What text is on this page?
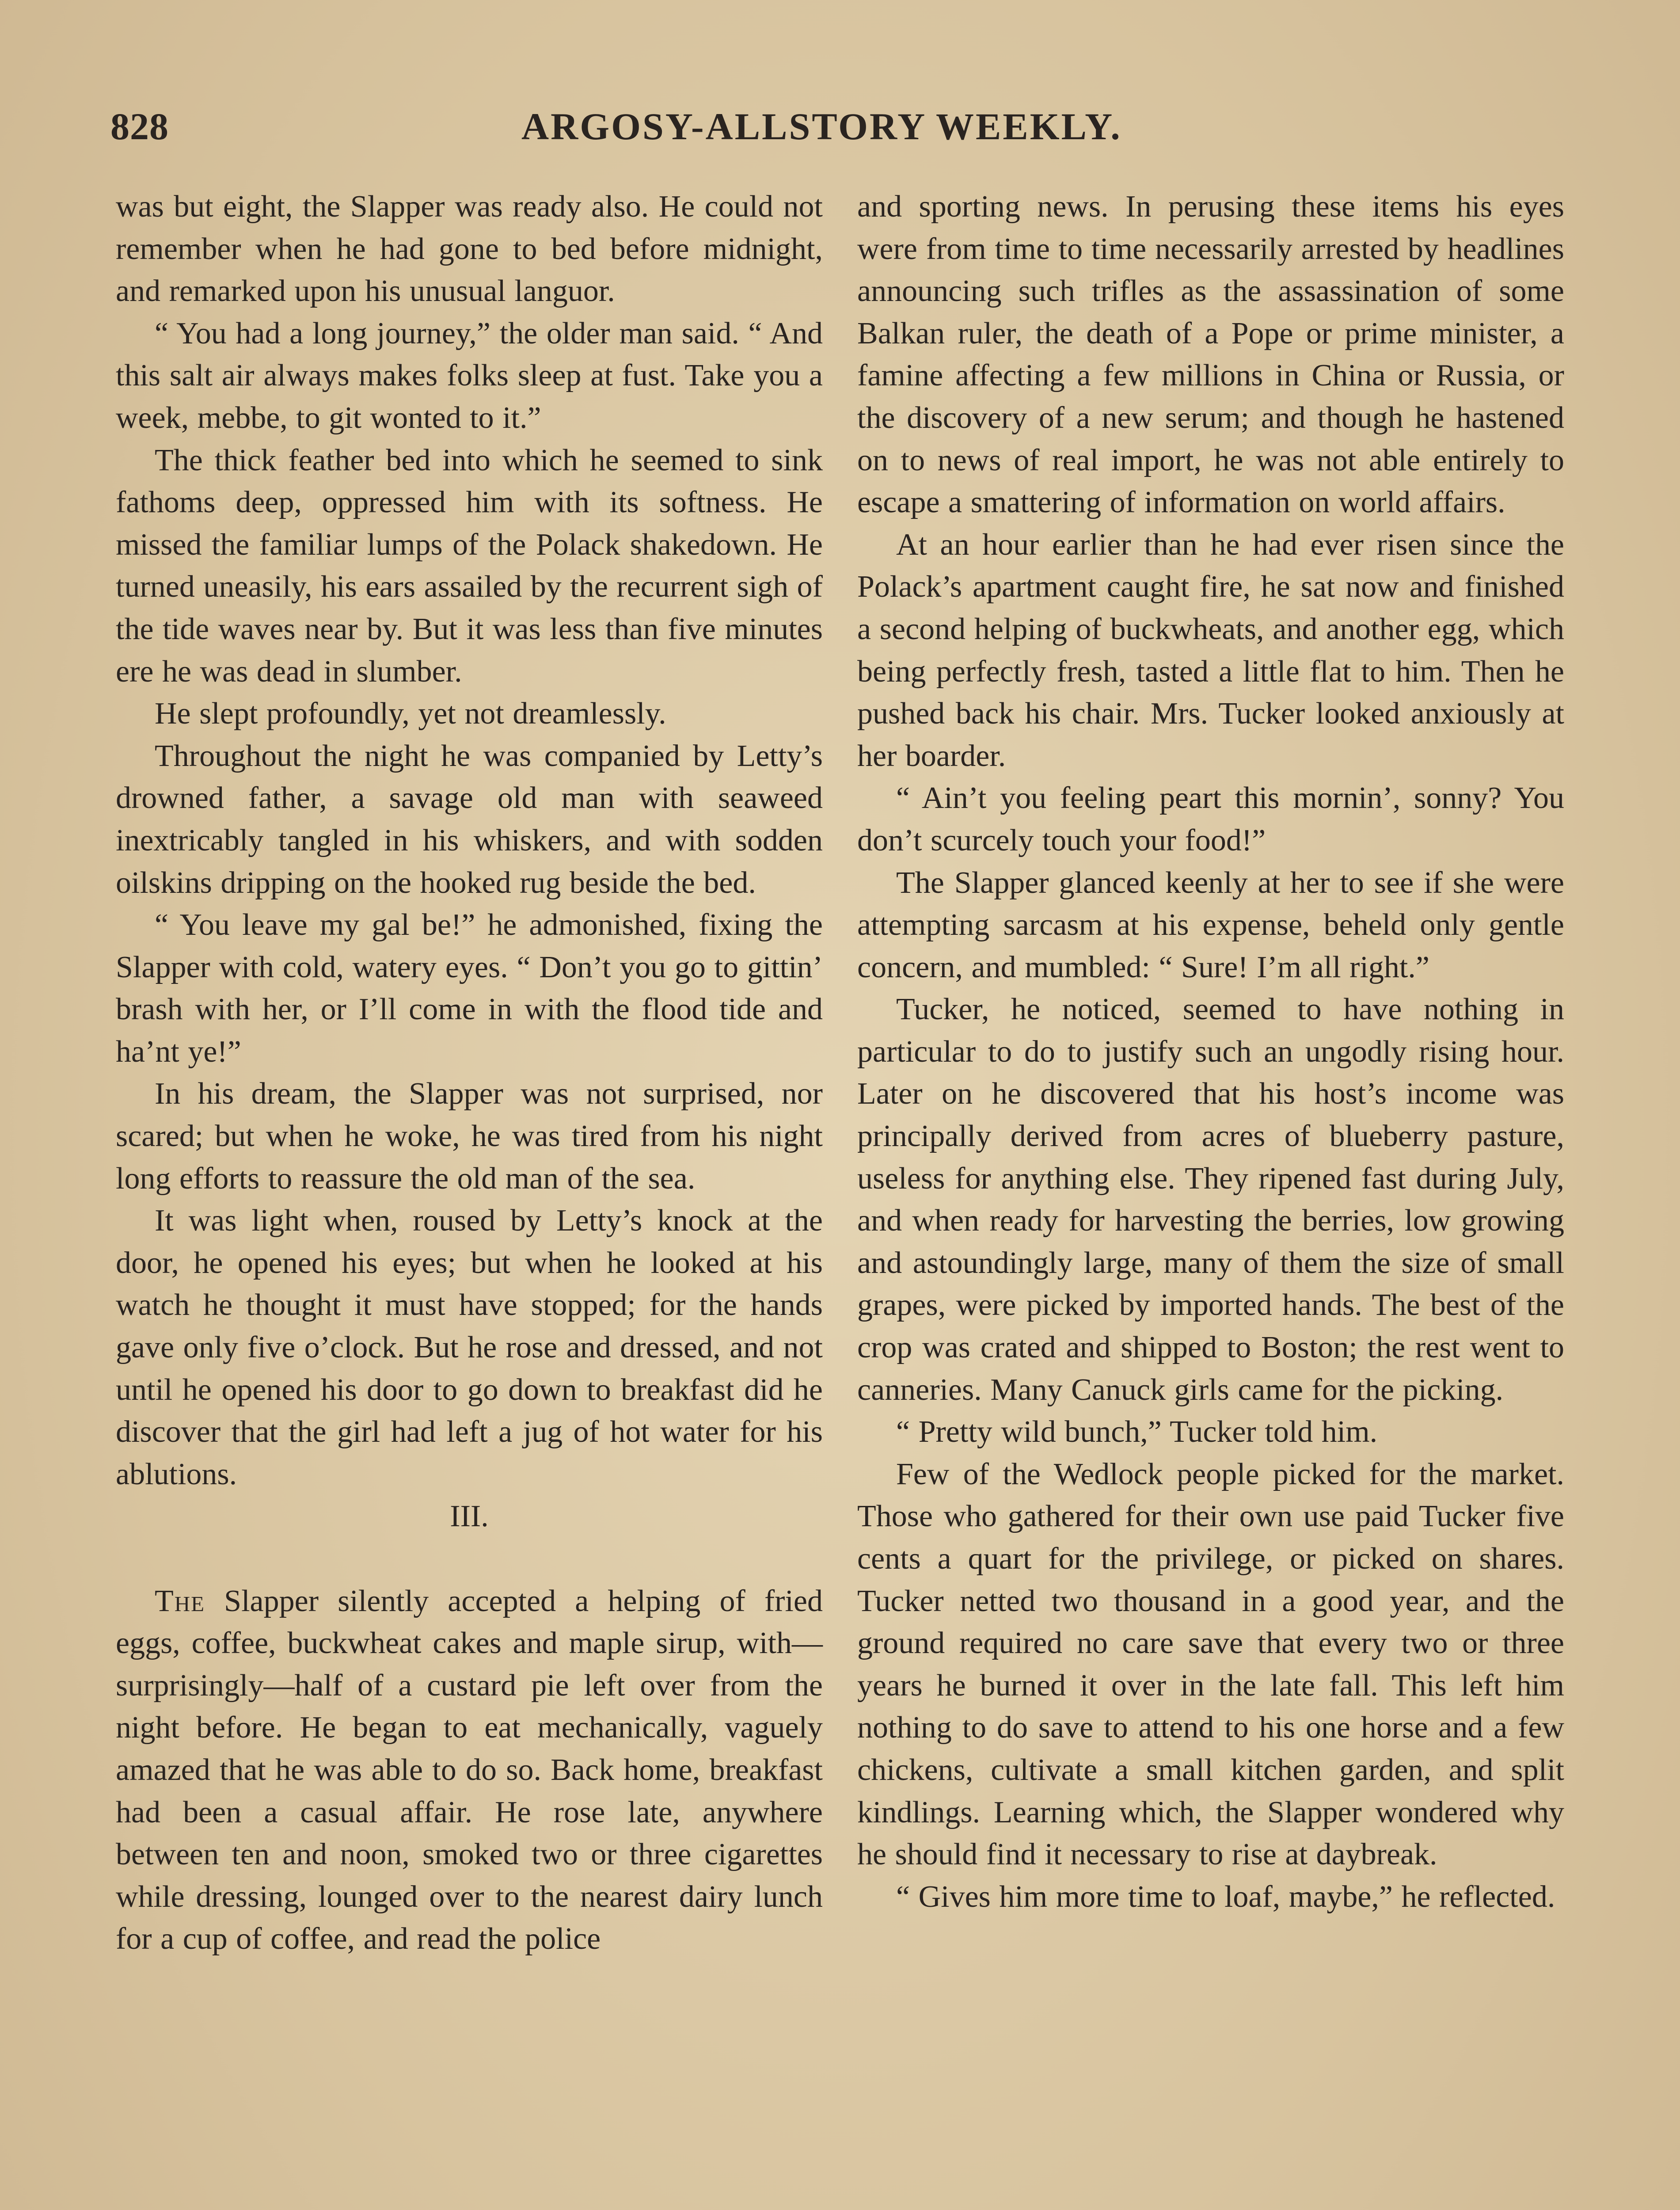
828	ARGOSY-ALLSTORY WEEKLY.

was but eight, the Slapper was ready also. He could not remember when he had gone to bed before midnight, and remarked upon his unusual languor.

“ You had a long journey,” the older man said. “ And this salt air always makes folks sleep at fust. Take you a week, mebbe, to git wonted to it.”

The thick feather bed into which he seemed to sink fathoms deep, oppressed him with its softness. He missed the familiar lumps of the Polack shakedown. He turned uneasily, his ears assailed by the recurrent sigh of the tide waves near by. But it was less than five minutes ere he was dead in slumber.

He slept profoundly, yet not dreamlessly.

Throughout the night he was companied by Letty’s drowned father, a savage old man with seaweed inextricably tangled in his whiskers, and with sodden oilskins dripping on the hooked rug beside the bed.

“ You leave my gal be!” he admonished, fixing the Slapper with cold, watery eyes. “ Don’t you go to gittin’ brash with her, or I’ll come in with the flood tide and ha’nt ye!”

In his dream, the Slapper was not surprised, nor scared; but when he woke, he was tired from his night long efforts to reassure the old man of the sea.

It was light when, roused by Letty’s knock at the door, he opened his eyes; but when he looked at his watch he thought it must have stopped; for the hands gave only five o’clock. But he rose and dressed, and not until he opened his door to go down to breakfast did he discover that the girl had left a jug of hot water for his ablutions.

III.

The Slapper silently accepted a helping of fried eggs, coffee, buckwheat cakes and maple sirup, with—surprisingly—half of a custard pie left over from the night before. He began to eat mechanically, vaguely amazed that he was able to do so. Back home, breakfast had been a casual affair. He rose late, anywhere between ten and noon, smoked two or three cigarettes while dressing, lounged over to the nearest dairy lunch for a cup of coffee, and read the police

and sporting news. In perusing these items his eyes were from time to time necessarily arrested by headlines announcing such trifles as the assassination of some Balkan ruler, the death of a Pope or prime minister, a famine affecting a few millions in China or Russia, or the discovery of a new serum; and though he hastened on to news of real import, he was not able entirely to escape a smattering of information on world affairs.

At an hour earlier than he had ever risen since the Polack’s apartment caught fire, he sat now and finished a second helping of buckwheats, and another egg, which being perfectly fresh, tasted a little flat to him. Then he pushed back his chair. Mrs. Tucker looked anxiously at her boarder.

“ Ain’t you feeling peart this mornin’, sonny? You don’t scurcely touch your food!”

The Slapper glanced keenly at her to see if she were attempting sarcasm at his expense, beheld only gentle concern, and mumbled: “ Sure! I’m all right.”

Tucker, he noticed, seemed to have nothing in particular to do to justify such an ungodly rising hour. Later on he discovered that his host’s income was principally derived from acres of blueberry pasture, useless for anything else. They ripened fast during July, and when ready for harvesting the berries, low growing and astoundingly large, many of them the size of small grapes, were picked by imported hands. The best of the crop was crated and shipped to Boston; the rest went to canneries. Many Canuck girls came for the picking.

“ Pretty wild bunch,” Tucker told him.

Few of the Wedlock people picked for the market. Those who gathered for their own use paid Tucker five cents a quart for the privilege, or picked on shares. Tucker netted two thousand in a good year, and the ground required no care save that every two or three years he burned it over in the late fall. This left him nothing to do save to attend to his one horse and a few chickens, cultivate a small kitchen garden, and split kindlings. Learning which, the Slapper wondered why he should find it necessary to rise at daybreak.

“ Gives him more time to loaf, maybe,” he reflected.
